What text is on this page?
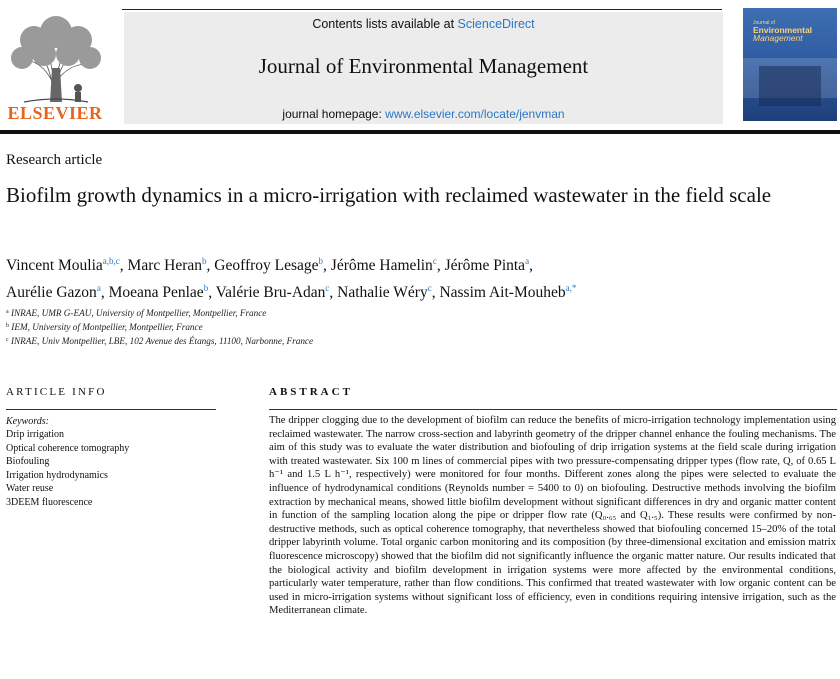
ELSEVIER
Contents lists available at ScienceDirect
Journal of Environmental Management
journal homepage: www.elsevier.com/locate/jenvman
Journal of
Environmental
Management
Research article
Biofilm growth dynamics in a micro-irrigation with reclaimed wastewater in the field scale
Vincent Moulia$^{a,b,c}$, Marc Heran$^b$, Geoffroy Lesage$^b$, Jérôme Hamelin$^c$, Jérôme Pinta$^a$,
Aurélie Gazon$^a$, Moeana Penlae$^b$, Valérie Bru-Adan$^c$, Nathalie Wéry$^c$, Nassim Ait-Mouheb$^{a,*}$
$^a$ INRAE, UMR G-EAU, University of Montpellier, Montpellier, France
$^b$ IEM, University of Montpellier, Montpellier, France
$^c$ INRAE, Univ Montpellier, LBE, 102 Avenue des Étangs, 11100, Narbonne, France
ARTICLE INFO
Keywords:
Drip irrigation
Optical coherence tomography
Biofouling
Irrigation hydrodynamics
Water reuse
3DEEM fluorescence
ABSTRACT

The dripper clogging due to the development of biofilm can reduce the benefits of micro-irrigation technology implementation using reclaimed wastewater. The narrow cross-section and labyrinth geometry of the dripper channel enhance the fouling mechanisms. The aim of this study was to evaluate the water distribution and biofouling of drip irrigation systems at the field scale during irrigation with treated wastewater. Six 100 m lines of commercial pipes with two pressure-compensating dripper types (flow rate, Q, of 0.65 L h⁻¹ and 1.5 L h⁻¹, respectively) were monitored for four months. Different zones along the pipes were selected to evaluate the influence of hydrodynamical conditions (Reynolds number = 5400 to 0) on biofouling. Destructive methods involving the biofilm extraction by mechanical means, showed little biofilm development without significant differences in dry and organic matter content in function of the sampling location along the pipe or dripper flow rate (Q₀.₆₅ and Q₁.₅). These results were confirmed by non-destructive methods, such as optical coherence tomography, that nevertheless showed that biofouling concerned 15–20% of the total dripper labyrinth volume. Total organic carbon monitoring and its composition (by three-dimensional excitation and emission matrix fluorescence microscopy) showed that the biofilm did not significantly influence the organic matter nature. Our results indicated that the biological activity and biofilm development in irrigation systems were more affected by the environmental conditions, particularly water temperature, rather than flow conditions. This confirmed that treated wastewater with low organic content can be used in micro-irrigation systems without significant loss of efficiency, even in conditions requiring intensive irrigation, such as the Mediterranean climate.
